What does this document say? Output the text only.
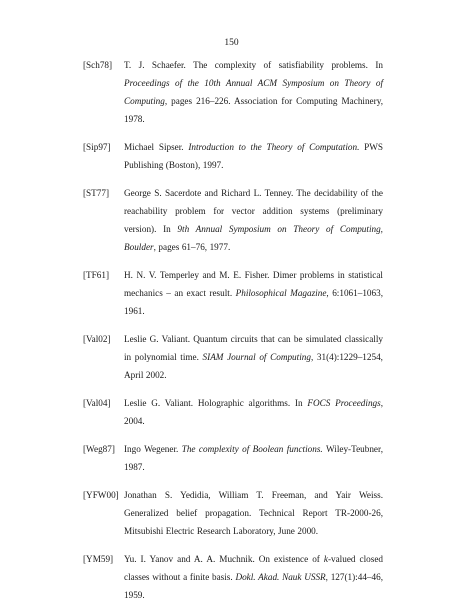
150
[Sch78]	T. J. Schaefer. The complexity of satisfiability problems. In Proceedings of the 10th Annual ACM Symposium on Theory of Computing, pages 216–226. Association for Computing Machinery, 1978.
[Sip97]	Michael Sipser. Introduction to the Theory of Computation. PWS Publishing (Boston), 1997.
[ST77]	George S. Sacerdote and Richard L. Tenney. The decidability of the reachability problem for vector addition systems (preliminary version). In 9th Annual Symposium on Theory of Computing, Boulder, pages 61–76, 1977.
[TF61]	H. N. V. Temperley and M. E. Fisher. Dimer problems in statistical mechanics – an exact result. Philosophical Magazine, 6:1061–1063, 1961.
[Val02]	Leslie G. Valiant. Quantum circuits that can be simulated classically in polynomial time. SIAM Journal of Computing, 31(4):1229–1254, April 2002.
[Val04]	Leslie G. Valiant. Holographic algorithms. In FOCS Proceedings, 2004.
[Weg87] Ingo Wegener. The complexity of Boolean functions. Wiley-Teubner, 1987.
[YFW00] Jonathan S. Yedidia, William T. Freeman, and Yair Weiss. Generalized belief propagation. Technical Report TR-2000-26, Mitsubishi Electric Research Laboratory, June 2000.
[YM59]	Yu. I. Yanov and A. A. Muchnik. On existence of k-valued closed classes without a finite basis. Dokl. Akad. Nauk USSR, 127(1):44–46, 1959.
